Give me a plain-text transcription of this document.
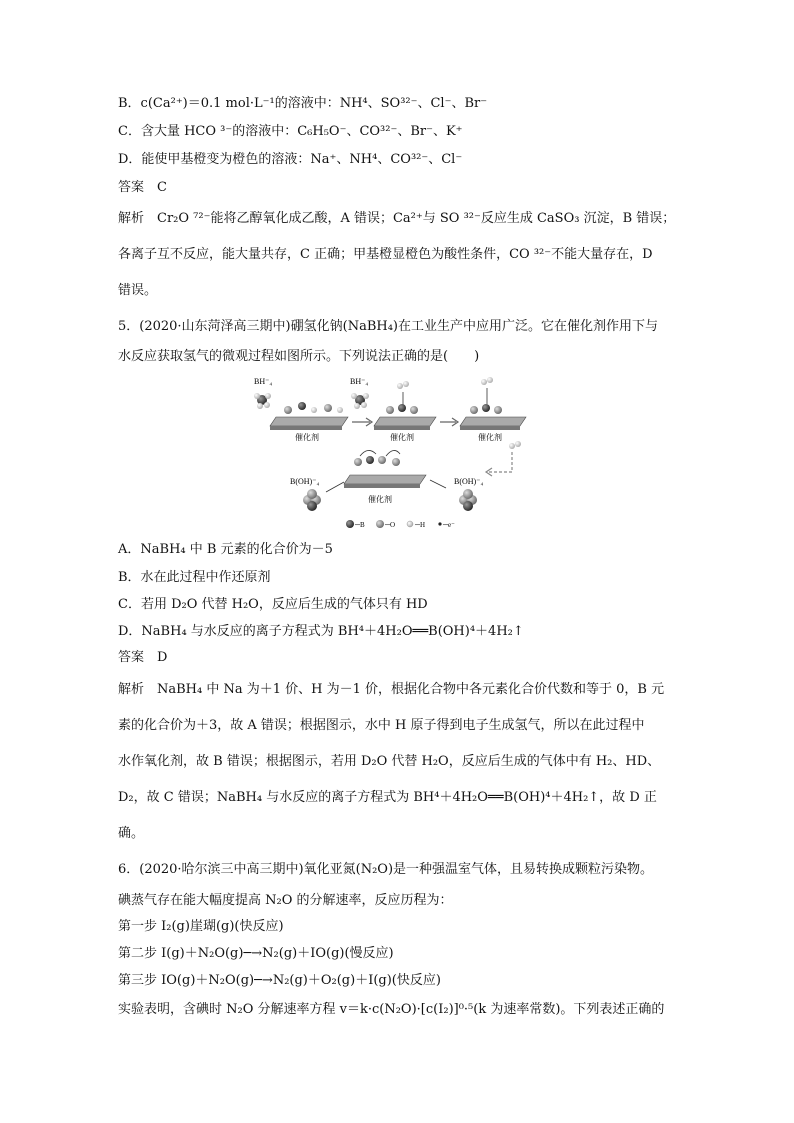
B．c(Ca²⁺)＝0.1 mol·L⁻¹的溶液中：NH⁴、SO³²⁻、Cl⁻、Br⁻
C．含大量 HCO ³⁻的溶液中：C₆H₅O⁻、CO³²⁻、Br⁻、K⁺
D．能使甲基橙变为橙色的溶液：Na⁺、NH⁴、CO³²⁻、Cl⁻
答案　C
解析　Cr₂O ⁷²⁻能将乙醇氧化成乙酸，A 错误；Ca²⁺与 SO ³²⁻反应生成 CaSO₃ 沉淀，B 错误；
各离子互不反应，能大量共存，C 正确；甲基橙显橙色为酸性条件，CO ³²⁻不能大量存在，D
错误。
5．(2020·山东菏泽高三期中)硼氢化钠(NaBH₄)在工业生产中应用广泛。它在催化剂作用下与
水反应获取氢气的微观过程如图所示。下列说法正确的是(　　)
BH⁻₄	BH⁻₄
催化剂	催化剂	催化剂
B(OH)⁻₄
催化剂
B(OH)⁻₄
─B	─O	─H	─e⁻
A．NaBH₄ 中 B 元素的化合价为－5
B．水在此过程中作还原剂
C．若用 D₂O 代替 H₂O，反应后生成的气体只有 HD
D．NaBH₄ 与水反应的离子方程式为 BH⁴＋4H₂O══B(OH)⁴＋4H₂↑
答案　D
解析　NaBH₄ 中 Na 为＋1 价、H 为－1 价，根据化合物中各元素化合价代数和等于 0，B 元
素的化合价为＋3，故 A 错误；根据图示，水中 H 原子得到电子生成氢气，所以在此过程中
水作氧化剂，故 B 错误；根据图示，若用 D₂O 代替 H₂O，反应后生成的气体中有 H₂、HD、
D₂，故 C 错误；NaBH₄ 与水反应的离子方程式为 BH⁴＋4H₂O══B(OH)⁴＋4H₂↑，故 D 正
确。
6．(2020·哈尔滨三中高三期中)氧化亚氮(N₂O)是一种强温室气体，且易转换成颗粒污染物。
碘蒸气存在能大幅度提高 N₂O 的分解速率，反应历程为：
第一步 I₂(g)崖瑚(g)(快反应)
第二步 I(g)＋N₂O(g)─→N₂(g)＋IO(g)(慢反应)
第三步 IO(g)＋N₂O(g)─→N₂(g)＋O₂(g)＋I(g)(快反应)
实验表明，含碘时 N₂O 分解速率方程 v＝k·c(N₂O)·[c(I₂)]⁰·⁵(k 为速率常数)。下列表述正确的
